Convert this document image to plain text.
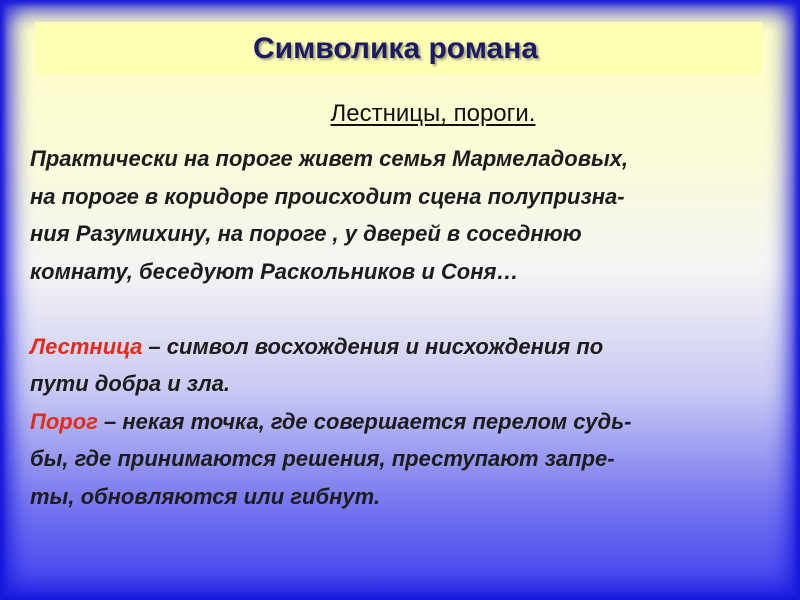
Символика романа
Лестницы, пороги.
Практически на пороге живет семья Мармеладовых,
на пороге в коридоре происходит сцена полупризна-
ния Разумихину, на пороге , у дверей в соседнюю
комнату, беседуют Раскольников и Соня…
Лестница – символ восхождения и нисхождения по
пути добра и зла.
Порог – некая точка, где совершается перелом судь-
бы, где принимаются решения, преступают запре-
ты, обновляются или гибнут.
